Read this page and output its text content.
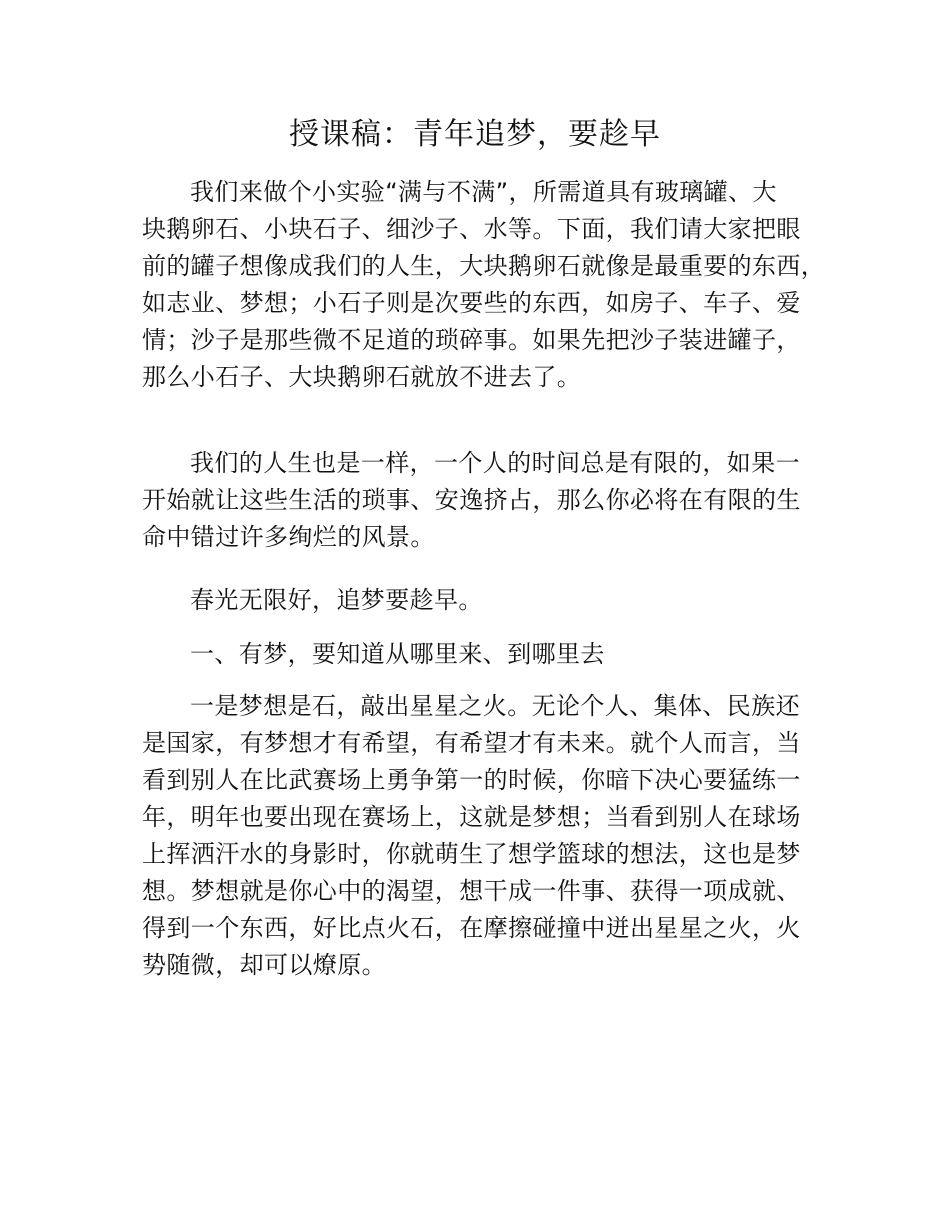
授课稿：青年追梦，要趁早
我们来做个小实验“满与不满”，所需道具有玻璃罐、大
块鹅卵石、小块石子、细沙子、水等。下面，我们请大家把眼
前的罐子想像成我们的人生，大块鹅卵石就像是最重要的东西，
如志业、梦想；小石子则是次要些的东西，如房子、车子、爱
情；沙子是那些微不足道的琐碎事。如果先把沙子装进罐子，
那么小石子、大块鹅卵石就放不进去了。
我们的人生也是一样，一个人的时间总是有限的，如果一
开始就让这些生活的琐事、安逸挤占，那么你必将在有限的生
命中错过许多绚烂的风景。
春光无限好，追梦要趁早。
一、有梦，要知道从哪里来、到哪里去
一是梦想是石，敲出星星之火。无论个人、集体、民族还
是国家，有梦想才有希望，有希望才有未来。就个人而言，当
看到别人在比武赛场上勇争第一的时候，你暗下决心要猛练一
年，明年也要出现在赛场上，这就是梦想；当看到别人在球场
上挥洒汗水的身影时，你就萌生了想学篮球的想法，这也是梦
想。梦想就是你心中的渴望，想干成一件事、获得一项成就、
得到一个东西，好比点火石，在摩擦碰撞中迸出星星之火，火
势随微，却可以燎原。
